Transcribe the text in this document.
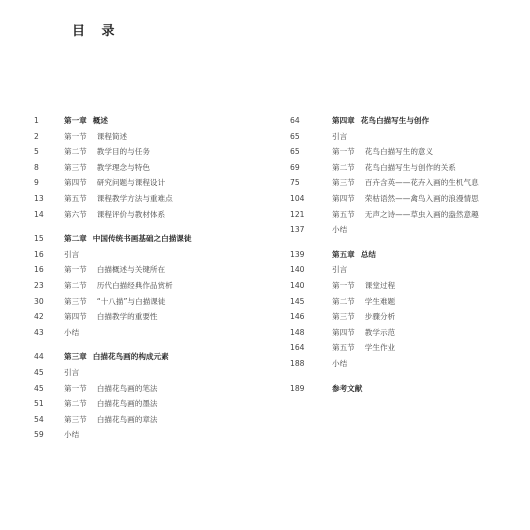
目 录
1	第一章 概述
2	第一节 课程简述
5	第二节 教学目的与任务
8	第三节 教学理念与特色
9	第四节 研究问题与课程设计
13	第五节 课程教学方法与重难点
14	第六节 课程评价与教材体系
15	第二章 中国传统书画基础之白描课徒
16	引言
16	第一节 白描概述与关键所在
23	第二节 历代白描经典作品赏析
30	第三节 “十八描”与白描课徒
42	第四节 白描教学的重要性
43	小结
44	第三章 白描花鸟画的构成元素
45	引言
45	第一节 白描花鸟画的笔法
51	第二节 白描花鸟画的墨法
54	第三节 白描花鸟画的章法
59	小结
64	第四章 花鸟白描写生与创作
65	引言
65	第一节 花鸟白描写生的意义
69	第二节 花鸟白描写生与创作的关系
75	第三节 百卉含英——花卉入画的生机气息
104	第四节 荣枯语然——禽鸟入画的浪漫情思
121	第五节 无声之诗——草虫入画的盎然意趣
137	小结
139	第五章 总结
140	引言
140	第一节 课堂过程
145	第二节 学生难题
146	第三节 步骤分析
148	第四节 教学示范
164	第五节 学生作业
188	小结
189	参考文献
